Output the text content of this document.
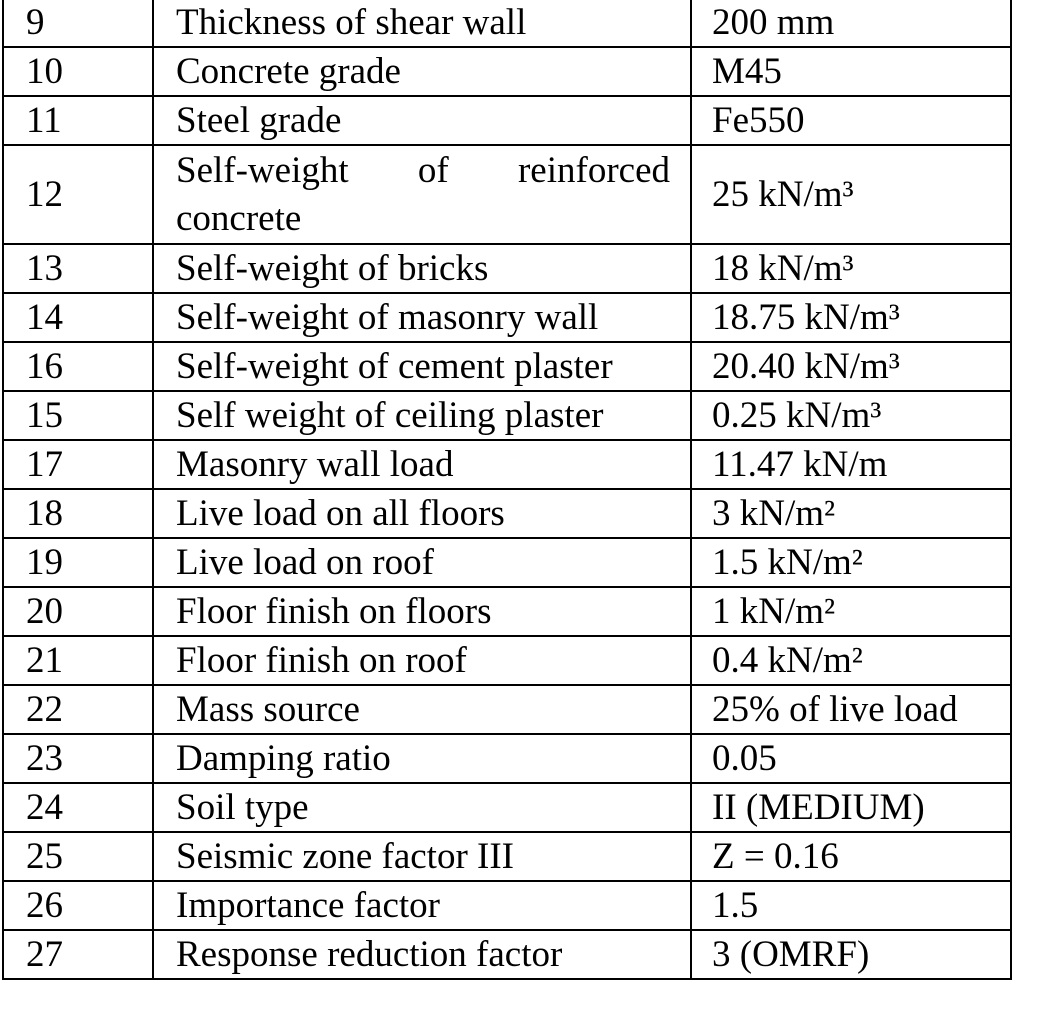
9	Thickness of shear wall	200 mm
10	Concrete grade	M45
11	Steel grade	Fe550
12	Self-weight of reinforced concrete	25 kN/m³
13	Self-weight of bricks	18 kN/m³
14	Self-weight of masonry wall	18.75 kN/m³
16	Self-weight of cement plaster	20.40 kN/m³
15	Self weight of ceiling plaster	0.25 kN/m³
17	Masonry wall load	11.47 kN/m
18	Live load on all floors	3 kN/m²
19	Live load on roof	1.5 kN/m²
20	Floor finish on floors	1 kN/m²
21	Floor finish on roof	0.4 kN/m²
22	Mass source	25% of live load
23	Damping ratio	0.05
24	Soil type	II (MEDIUM)
25	Seismic zone factor III	Z = 0.16
26	Importance factor	1.5
27	Response reduction factor	3 (OMRF)
